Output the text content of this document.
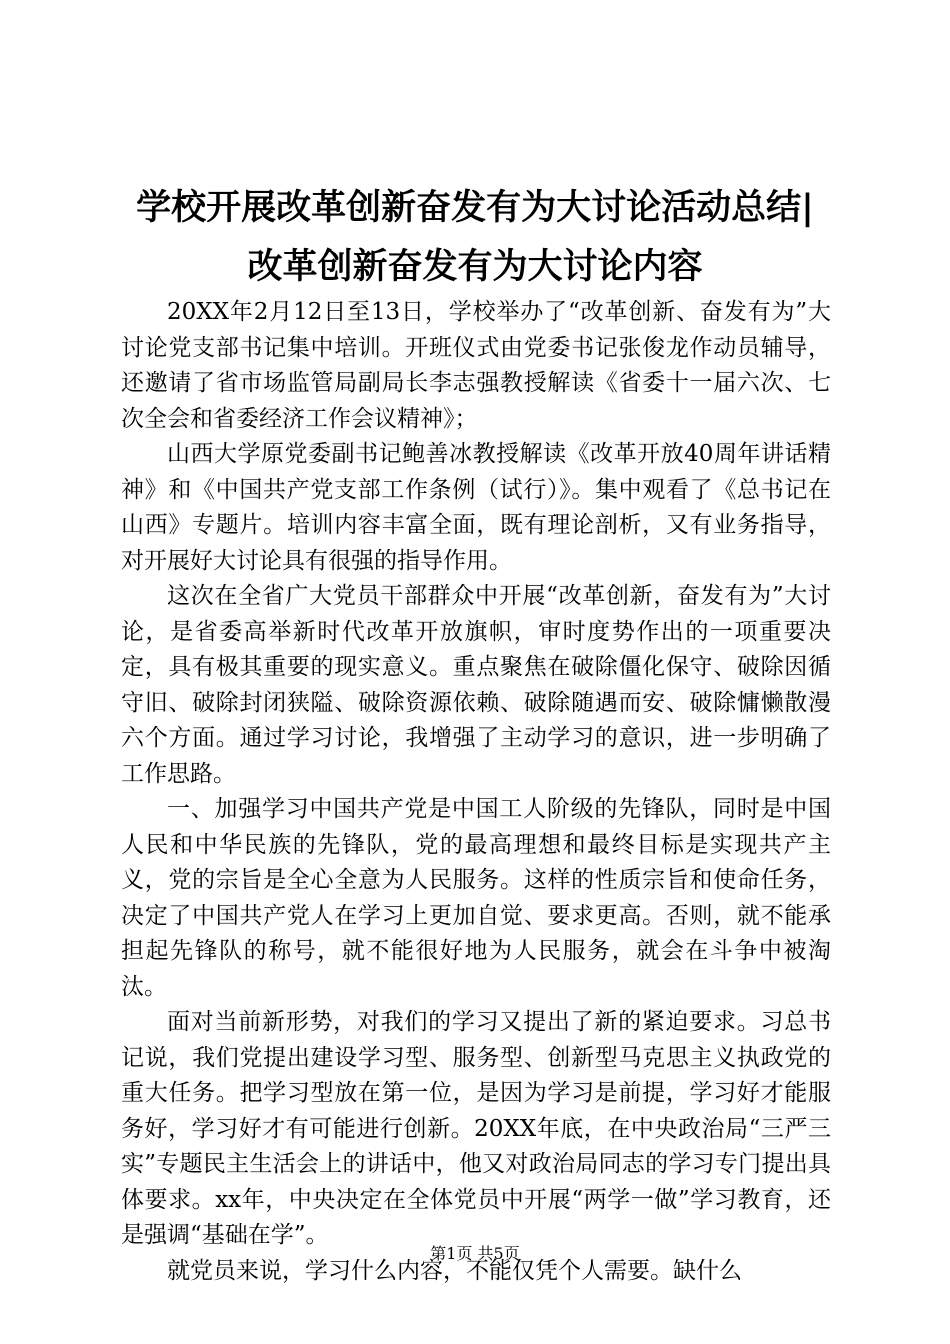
学校开展改革创新奋发有为大讨论活动总结|
改革创新奋发有为大讨论内容

20XX年2月12日至13日，学校举办了“改革创新、奋发有为”大讨论党支部书记集中培训。开班仪式由党委书记张俊龙作动员辅导，还邀请了省市场监管局副局长李志强教授解读《省委十一届六次、七次全会和省委经济工作会议精神》；

山西大学原党委副书记鲍善冰教授解读《改革开放40周年讲话精神》和《中国共产党支部工作条例（试行）》。集中观看了《总书记在山西》专题片。培训内容丰富全面，既有理论剖析，又有业务指导，对开展好大讨论具有很强的指导作用。

这次在全省广大党员干部群众中开展“改革创新，奋发有为”大讨论，是省委高举新时代改革开放旗帜，审时度势作出的一项重要决定，具有极其重要的现实意义。重点聚焦在破除僵化保守、破除因循守旧、破除封闭狭隘、破除资源依赖、破除随遇而安、破除慵懒散漫六个方面。通过学习讨论，我增强了主动学习的意识，进一步明确了工作思路。

一、加强学习中国共产党是中国工人阶级的先锋队，同时是中国人民和中华民族的先锋队，党的最高理想和最终目标是实现共产主义，党的宗旨是全心全意为人民服务。这样的性质宗旨和使命任务，决定了中国共产党人在学习上更加自觉、要求更高。否则，就不能承担起先锋队的称号，就不能很好地为人民服务，就会在斗争中被淘汰。

面对当前新形势，对我们的学习又提出了新的紧迫要求。习总书记说，我们党提出建设学习型、服务型、创新型马克思主义执政党的重大任务。把学习型放在第一位，是因为学习是前提，学习好才能服务好，学习好才有可能进行创新。20XX年底，在中央政治局“三严三实”专题民主生活会上的讲话中，他又对政治局同志的学习专门提出具体要求。xx年，中央决定在全体党员中开展“两学一做”学习教育，还是强调“基础在学”。

就党员来说，学习什么内容，不能仅凭个人需要。缺什么

第1页 共5页
